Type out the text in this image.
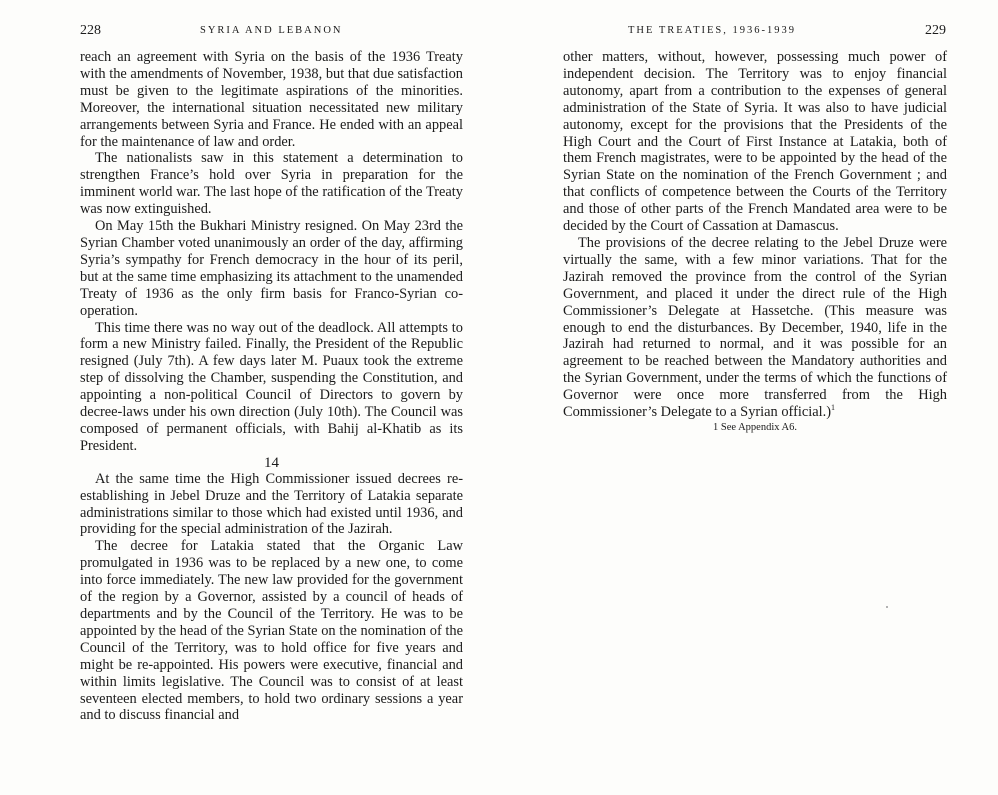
228	SYRIA AND LEBANON

reach an agreement with Syria on the basis of the 1936 Treaty with the amendments of November, 1938, but that due satisfaction must be given to the legitimate aspirations of the minorities. Moreover, the international situation necessitated new military arrangements between Syria and France. He ended with an appeal for the maintenance of law and order.

The nationalists saw in this statement a determination to strengthen France’s hold over Syria in preparation for the imminent world war. The last hope of the ratification of the Treaty was now extinguished.

On May 15th the Bukhari Ministry resigned. On May 23rd the Syrian Chamber voted unanimously an order of the day, affirming Syria’s sympathy for French democracy in the hour of its peril, but at the same time emphasizing its attachment to the unamended Treaty of 1936 as the only firm basis for Franco-Syrian co-operation.

This time there was no way out of the deadlock. All attempts to form a new Ministry failed. Finally, the President of the Republic resigned (July 7th). A few days later M. Puaux took the extreme step of dissolving the Chamber, suspending the Constitution, and appointing a non-political Council of Directors to govern by decree-laws under his own direction (July 10th). The Council was composed of permanent officials, with Bahij al-Khatib as its President.

14

At the same time the High Commissioner issued decrees re-establishing in Jebel Druze and the Territory of Latakia separate administrations similar to those which had existed until 1936, and providing for the special administration of the Jazirah.

The decree for Latakia stated that the Organic Law promulgated in 1936 was to be replaced by a new one, to come into force immediately. The new law provided for the government of the region by a Governor, assisted by a council of heads of departments and by the Council of the Territory. He was to be appointed by the head of the Syrian State on the nomination of the Council of the Territory, was to hold office for five years and might be re-appointed. His powers were executive, financial and within limits legislative. The Council was to consist of at least seventeen elected members, to hold two ordinary sessions a year and to discuss financial and

THE TREATIES, 1936-1939	229

other matters, without, however, possessing much power of independent decision. The Territory was to enjoy financial autonomy, apart from a contribution to the expenses of general administration of the State of Syria. It was also to have judicial autonomy, except for the provisions that the Presidents of the High Court and the Court of First Instance at Latakia, both of them French magistrates, were to be appointed by the head of the Syrian State on the nomination of the French Government ; and that conflicts of competence between the Courts of the Territory and those of other parts of the French Mandated area were to be decided by the Court of Cassation at Damascus.

The provisions of the decree relating to the Jebel Druze were virtually the same, with a few minor variations. That for the Jazirah removed the province from the control of the Syrian Government, and placed it under the direct rule of the High Commissioner’s Delegate at Hassetche. (This measure was enough to end the disturbances. By December, 1940, life in the Jazirah had returned to normal, and it was possible for an agreement to be reached between the Mandatory authorities and the Syrian Government, under the terms of which the functions of Governor were once more transferred from the High Commissioner’s Delegate to a Syrian official.)$^1$

1 See Appendix A6.
